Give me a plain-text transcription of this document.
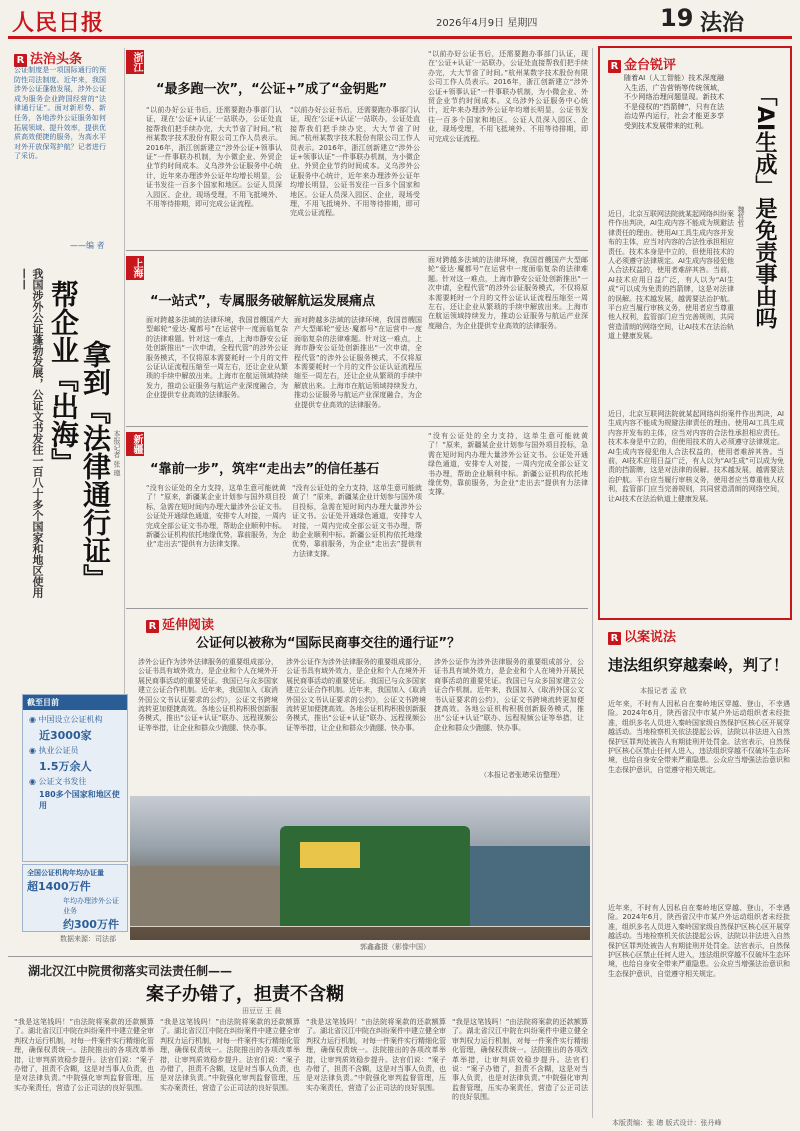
人民日报	2026年4月9日 星期四	19 法治
R 法治头条
公证制度是一项国际通行的预防性司法制度。近年来，我国涉外公证蓬勃发展，涉外公证成为服务企业跨国经营的“法律通行证”。面对新形势、新任务，各地涉外公证服务如何拓展领域、提升效率，提供优质高效便捷的服务，为高水平对外开放保驾护航？记者进行了采访。
——编 者
我国涉外公证蓬勃发展，公证文书发往一百八十多个国家和地区使用——
帮企业『出海』 拿到『法律通行证』 本报记者 张 璁
浙江
“最多跑一次”，“公证+”成了“金钥匙”
“以前办好公证书后，还需要跑办事部门认证，现在‘公证+认证’一站联办，公证处直接帮我们把手续办完，大大节省了时间。”杭州某数字技术股份有限公司工作人员表示。2016年，浙江创新建立“涉外公证+领事认证”一件事联办机制，为小微企业、外贸企业节约时间成本。义乌涉外公证服务中心统计，近年来办理涉外公证年均增长明显，公证书发往一百多个国家和地区。公证人员深入园区、企业，现场受理，不用飞抵境外、不用等待排期，即可完成公证流程。
“以前办好公证书后，还需要跑办事部门认证，现在‘公证+认证’一站联办，公证处直接帮我们把手续办完，大大节省了时间。”杭州某数字技术股份有限公司工作人员表示。2016年，浙江创新建立“涉外公证+领事认证”一件事联办机制，为小微企业、外贸企业节约时间成本。义乌涉外公证服务中心统计，近年来办理涉外公证年均增长明显，公证书发往一百多个国家和地区。公证人员深入园区、企业，现场受理，不用飞抵境外、不用等待排期，即可完成公证流程。
“以前办好公证书后，还需要跑办事部门认证，现在‘公证+认证’一站联办，公证处直接帮我们把手续办完，大大节省了时间。”杭州某数字技术股份有限公司工作人员表示。2016年，浙江创新建立“涉外公证+领事认证”一件事联办机制，为小微企业、外贸企业节约时间成本。义乌涉外公证服务中心统计，近年来办理涉外公证年均增长明显，公证书发往一百多个国家和地区。公证人员深入园区、企业，现场受理，不用飞抵境外、不用等待排期，即可完成公证流程。
上海
“一站式”，专属服务破解航运发展痛点
面对跨越多法域的法律环境，我国首艘国产大型邮轮“爱达·魔都号”在运营中一度面临复杂的法律难题。针对这一难点，上海市静安公证处创新推出“一次申请，全程代管”的涉外公证服务模式，不仅将原本需要耗时一个月的文件公证认证流程压缩至一周左右，还让企业从繁琐的手续中解放出来。上海市在航运领域持续发力，推动公证服务与航运产业深度融合，为企业提供专业高效的法律服务。
面对跨越多法域的法律环境，我国首艘国产大型邮轮“爱达·魔都号”在运营中一度面临复杂的法律难题。针对这一难点，上海市静安公证处创新推出“一次申请，全程代管”的涉外公证服务模式，不仅将原本需要耗时一个月的文件公证认证流程压缩至一周左右，还让企业从繁琐的手续中解放出来。上海市在航运领域持续发力，推动公证服务与航运产业深度融合，为企业提供专业高效的法律服务。
面对跨越多法域的法律环境，我国首艘国产大型邮轮“爱达·魔都号”在运营中一度面临复杂的法律难题。针对这一难点，上海市静安公证处创新推出“一次申请，全程代管”的涉外公证服务模式，不仅将原本需要耗时一个月的文件公证认证流程压缩至一周左右，还让企业从繁琐的手续中解放出来。上海市在航运领域持续发力，推动公证服务与航运产业深度融合，为企业提供专业高效的法律服务。
新疆
“靠前一步”，筑牢“走出去”的信任基石
“没有公证处的全力支持，这单生意可能就黄了！”原来，新疆某企业计划参与国外项目投标，急需在短时间内办理大量涉外公证文书。公证处开通绿色通道，安排专人对接，一周内完成全部公证文书办理，帮助企业顺利中标。新疆公证机构依托地缘优势，靠前服务，为企业“走出去”提供有力法律支撑。
“没有公证处的全力支持，这单生意可能就黄了！”原来，新疆某企业计划参与国外项目投标，急需在短时间内办理大量涉外公证文书。公证处开通绿色通道，安排专人对接，一周内完成全部公证文书办理，帮助企业顺利中标。新疆公证机构依托地缘优势，靠前服务，为企业“走出去”提供有力法律支撑。
“没有公证处的全力支持，这单生意可能就黄了！”原来，新疆某企业计划参与国外项目投标，急需在短时间内办理大量涉外公证文书。公证处开通绿色通道，安排专人对接，一周内完成全部公证文书办理，帮助企业顺利中标。新疆公证机构依托地缘优势，靠前服务，为企业“走出去”提供有力法律支撑。
R 延伸阅读
公证何以被称为“国际民商事交往的通行证”？
涉外公证作为涉外法律服务的重要组成部分，公证书具有域外效力，是企业和个人在境外开展民商事活动的重要凭证。我国已与众多国家建立公证合作机制。近年来，我国加入《取消外国公文书认证要求的公约》，公证文书跨境流转更加便捷高效。各地公证机构积极创新服务模式，推出“公证+认证”联办、远程视频公证等举措，让企业和群众少跑腿、快办事。
涉外公证作为涉外法律服务的重要组成部分，公证书具有域外效力，是企业和个人在境外开展民商事活动的重要凭证。我国已与众多国家建立公证合作机制。近年来，我国加入《取消外国公文书认证要求的公约》，公证文书跨境流转更加便捷高效。各地公证机构积极创新服务模式，推出“公证+认证”联办、远程视频公证等举措，让企业和群众少跑腿、快办事。
涉外公证作为涉外法律服务的重要组成部分，公证书具有域外效力，是企业和个人在境外开展民商事活动的重要凭证。我国已与众多国家建立公证合作机制。近年来，我国加入《取消外国公文书认证要求的公约》，公证文书跨境流转更加便捷高效。各地公证机构积极创新服务模式，推出“公证+认证”联办、远程视频公证等举措，让企业和群众少跑腿、快办事。
（本报记者张璁采访整理）
截至目前
◉ 中国设立公证机构
近3000家
◉ 执业公证员
1.5万余人
◉ 公证文书发往
180多个国家和地区使用
全国公证机构年均办证量
超1400万件
年均办理涉外公证业务
约300万件
数据来源：司法部
郭鑫鑫摄（影像中国）
湖北汉江中院贯彻落实司法责任制——
案子办错了，担责不含糊
田豆豆 王 晨
“我是这笔钱吗！”由法院将案款的还款额算了。湖北省汉江中院在纠纷案件中建立健全审判权力运行机制，对每一件案件实行精细化管理，确保权责统一。法院推出的各项改革举措，让审判质效稳步提升。法官们说：“案子办错了，担责不含糊，这是对当事人负责，也是对法律负责。”中院强化审判监督管理，压实办案责任，营造了公正司法的良好氛围。
“我是这笔钱吗！”由法院将案款的还款额算了。湖北省汉江中院在纠纷案件中建立健全审判权力运行机制，对每一件案件实行精细化管理，确保权责统一。法院推出的各项改革举措，让审判质效稳步提升。法官们说：“案子办错了，担责不含糊，这是对当事人负责，也是对法律负责。”中院强化审判监督管理，压实办案责任，营造了公正司法的良好氛围。
“我是这笔钱吗！”由法院将案款的还款额算了。湖北省汉江中院在纠纷案件中建立健全审判权力运行机制，对每一件案件实行精细化管理，确保权责统一。法院推出的各项改革举措，让审判质效稳步提升。法官们说：“案子办错了，担责不含糊，这是对当事人负责，也是对法律负责。”中院强化审判监督管理，压实办案责任，营造了公正司法的良好氛围。
“我是这笔钱吗！”由法院将案款的还款额算了。湖北省汉江中院在纠纷案件中建立健全审判权力运行机制，对每一件案件实行精细化管理，确保权责统一。法院推出的各项改革举措，让审判质效稳步提升。法官们说：“案子办错了，担责不含糊，这是对当事人负责，也是对法律负责。”中院强化审判监督管理，压实办案责任，营造了公正司法的良好氛围。
R 金台锐评
随着AI（人工智能）技术深度融入生活，广告营销等传统领域，不少网络治理问题显现。新技术不是侵权的“挡箭牌”，只有在法治边界内运行，社会才能更多享受到技术发展带来的红利。	「AI生成」是免责事由吗
魏哲哲
近日，北京互联网法院就某起网络纠纷案件作出判决，AI生成内容不能成为规避法律责任的理由。使用AI工具生成内容并发布的主体，应当对内容的合法性承担相应责任。技术本身是中立的，但使用技术的人必须遵守法律规定。AI生成内容侵犯他人合法权益的，使用者难辞其咎。当前，AI技术应用日益广泛，有人以为“AI生成”可以成为免责的挡箭牌，这是对法律的误解。技术越发展，越需要法治护航。平台应当履行审核义务，使用者应当尊重他人权利，监管部门应当完善规则，共同营造清朗的网络空间，让AI技术在法治轨道上健康发展。
近日，北京互联网法院就某起网络纠纷案件作出判决，AI生成内容不能成为规避法律责任的理由。使用AI工具生成内容并发布的主体，应当对内容的合法性承担相应责任。技术本身是中立的，但使用技术的人必须遵守法律规定。AI生成内容侵犯他人合法权益的，使用者难辞其咎。当前，AI技术应用日益广泛，有人以为“AI生成”可以成为免责的挡箭牌，这是对法律的误解。技术越发展，越需要法治护航。平台应当履行审核义务，使用者应当尊重他人权利，监管部门应当完善规则，共同营造清朗的网络空间，让AI技术在法治轨道上健康发展。
R 以案说法
违法组织穿越秦岭，判了！
本报记者 孟 欣
近年来，不时有人因私自在秦岭地区穿越、登山，不幸遇险。2024年6月，陕西省汉中市某户外运动组织者未经批准，组织多名人员进入秦岭国家级自然保护区核心区开展穿越活动。当地检察机关依法提起公诉，法院以非法进入自然保护区罪判处被告人有期徒刑并处罚金。法官表示，自然保护区核心区禁止任何人进入，违法组织穿越不仅破坏生态环境，也给自身安全带来严重隐患。公众应当增强法治意识和生态保护意识，自觉遵守相关规定。
近年来，不时有人因私自在秦岭地区穿越、登山，不幸遇险。2024年6月，陕西省汉中市某户外运动组织者未经批准，组织多名人员进入秦岭国家级自然保护区核心区开展穿越活动。当地检察机关依法提起公诉，法院以非法进入自然保护区罪判处被告人有期徒刑并处罚金。法官表示，自然保护区核心区禁止任何人进入，违法组织穿越不仅破坏生态环境，也给自身安全带来严重隐患。公众应当增强法治意识和生态保护意识，自觉遵守相关规定。
本版责编：张 璁 版式设计：张丹峰
